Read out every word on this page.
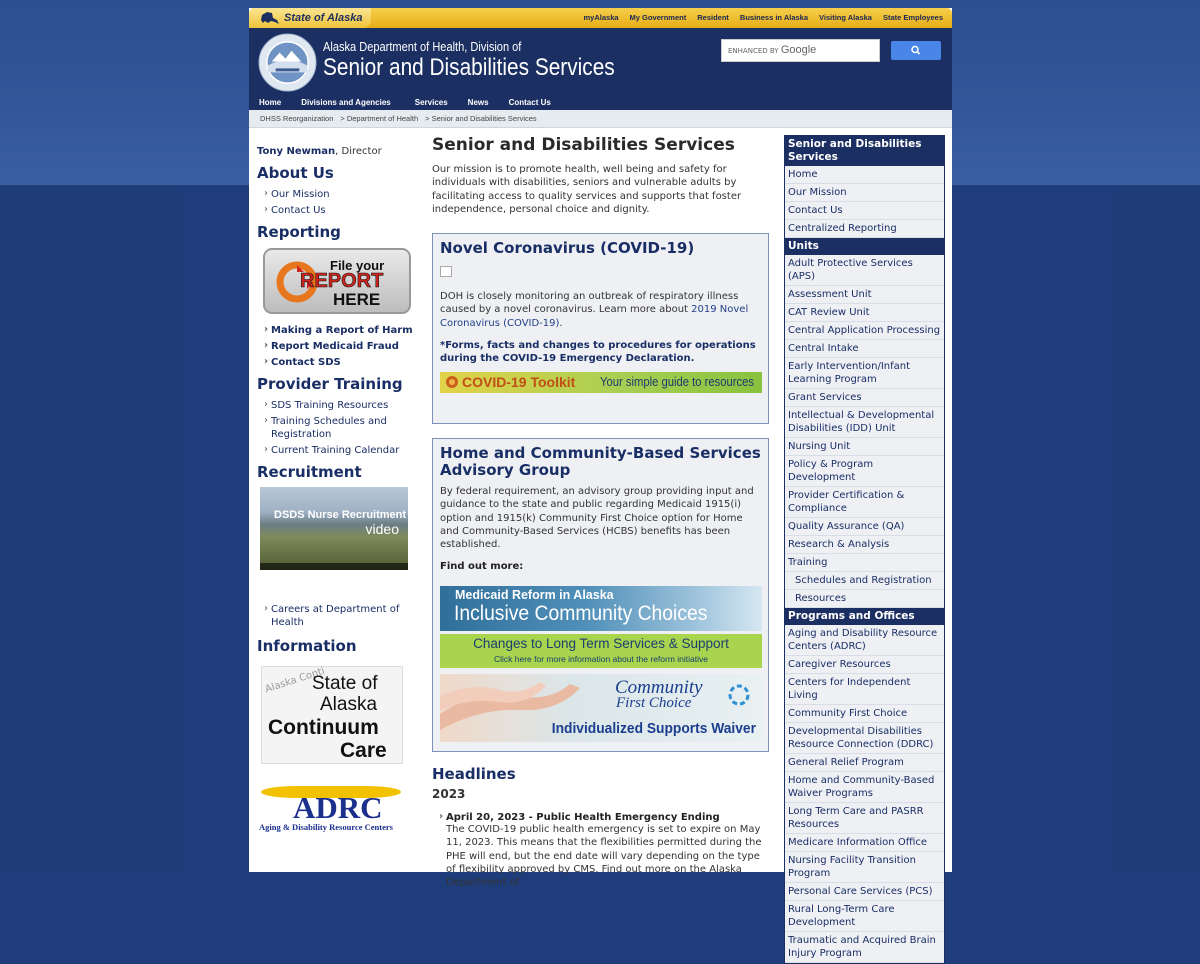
State of Alaska	myAlaska My Government Resident Business in Alaska Visiting Alaska State Employees
Alaska Department of Health, Division of
Senior and Disabilities Services
ENHANCED BY Google
Home	Divisions and Agencies	Services	News	Contact Us
DHSS Reorganization > Department of Health > Senior and Disabilities Services
Tony Newman, Director
About Us
› Our Mission
› Contact Us
Reporting
File your
REPORT
HERE
› Making a Report of Harm
› Report Medicaid Fraud
› Contact SDS
Provider Training
› SDS Training Resources
› Training Schedules and Registration
› Current Training Calendar
Recruitment
DSDS Nurse Recruitment
video
› Careers at Department of Health
Information
Alaska Conti
State of
Alaska
Continuum
Care
ADRC
Aging & Disability Resource Centers
Senior and Disabilities Services
Our mission is to promote health, well being and safety for individuals with disabilities, seniors and vulnerable adults by facilitating access to quality services and supports that foster independence, personal choice and dignity.
Novel Coronavirus (COVID-19)
DOH is closely monitoring an outbreak of respiratory illness caused by a novel coronavirus. Learn more about 2019 Novel Coronavirus (COVID-19).
*Forms, facts and changes to procedures for operations during the COVID-19 Emergency Declaration.
COVID-19 Toolkit Your simple guide to resources
Home and Community-Based Services Advisory Group
By federal requirement, an advisory group providing input and guidance to the state and public regarding Medicaid 1915(i) option and 1915(k) Community First Choice option for Home and Community-Based Services (HCBS) benefits has been established.
Find out more:
Medicaid Reform in Alaska
Inclusive Community Choices
Changes to Long Term Services & Support
Click here for more information about the reform initiative
Community
First Choice
Individualized Supports Waiver
Headlines
2023
› April 20, 2023 - Public Health Emergency Ending
The COVID-19 public health emergency is set to expire on May 11, 2023. This means that the flexibilities permitted during the PHE will end, but the end date will vary depending on the type of flexibility approved by CMS. Find out more on the Alaska Department of
Senior and Disabilities Services
Home
Our Mission
Contact Us
Centralized Reporting
Units
Adult Protective Services (APS)
Assessment Unit
CAT Review Unit
Central Application Processing
Central Intake
Early Intervention/Infant Learning Program
Grant Services
Intellectual & Developmental Disabilities (IDD) Unit
Nursing Unit
Policy & Program Development
Provider Certification & Compliance
Quality Assurance (QA)
Research & Analysis
Training
Schedules and Registration
Resources
Programs and Offices
Aging and Disability Resource Centers (ADRC)
Caregiver Resources
Centers for Independent Living
Community First Choice
Developmental Disabilities Resource Connection (DDRC)
General Relief Program
Home and Community-Based Waiver Programs
Long Term Care and PASRR Resources
Medicare Information Office
Nursing Facility Transition Program
Personal Care Services (PCS)
Rural Long-Term Care Development
Traumatic and Acquired Brain Injury Program
